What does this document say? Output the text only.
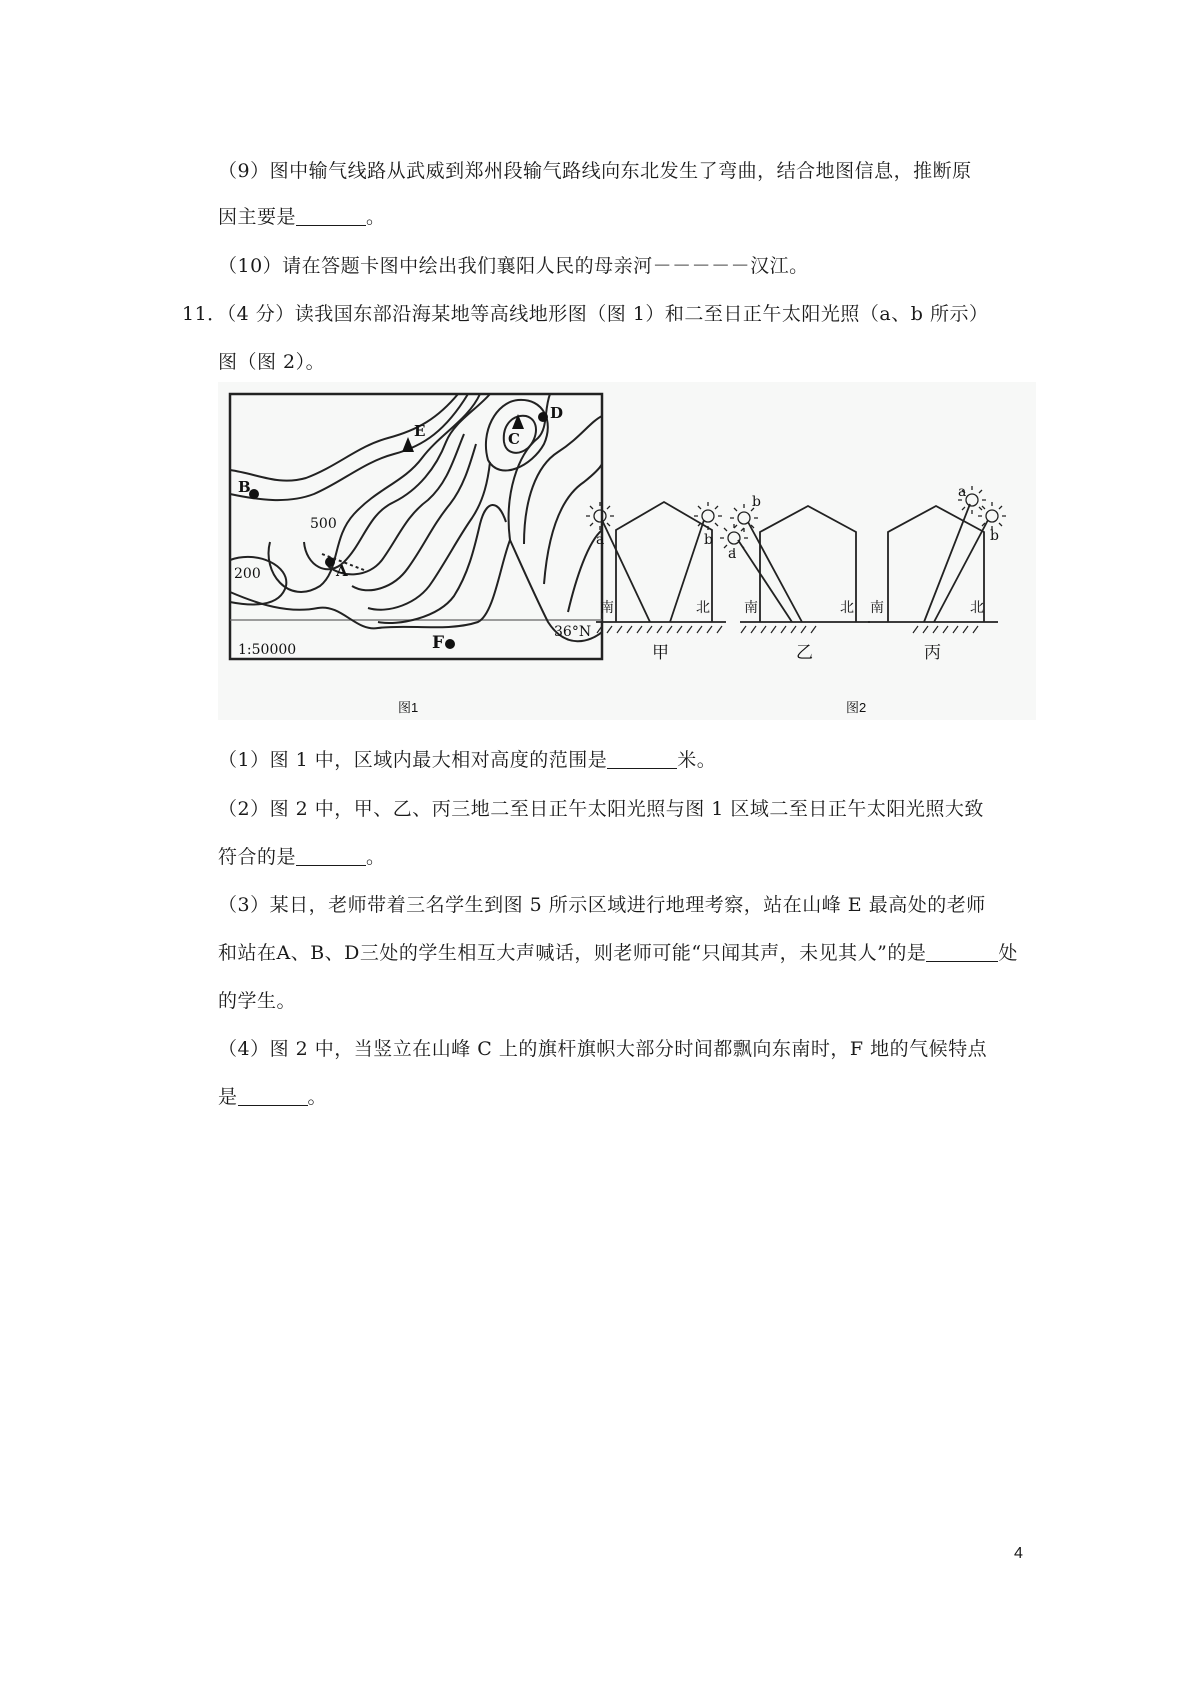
（9）图中输气线路从武威到郑州段输气路线向东北发生了弯曲，结合地图信息，推断原
因主要是	。
（10）请在答题卡图中绘出我们襄阳人民的母亲河－－－－－汉江。
11．（4 分）读我国东部沿海某地等高线地形图（图 1）和二至日正午太阳光照（a、b 所示）
图（图 2）。
B
A
C
D
E
F
500
200
36°N
1:50000
图1
a	b
南	北
甲
b
a
南	北
乙
a
b
南	北
丙
图2
（1）图 1 中，区域内最大相对高度的范围是	米。
（2）图 2 中，甲、乙、丙三地二至日正午太阳光照与图 1 区域二至日正午太阳光照大致
符合的是	。
（3）某日，老师带着三名学生到图 5 所示区域进行地理考察，站在山峰 E 最高处的老师
和站在A、B、D三处的学生相互大声喊话，则老师可能“只闻其声，未见其人”的是	处
的学生。
（4）图 2 中，当竖立在山峰 C 上的旗杆旗帜大部分时间都飘向东南时，F 地的气候特点
是	。
4
